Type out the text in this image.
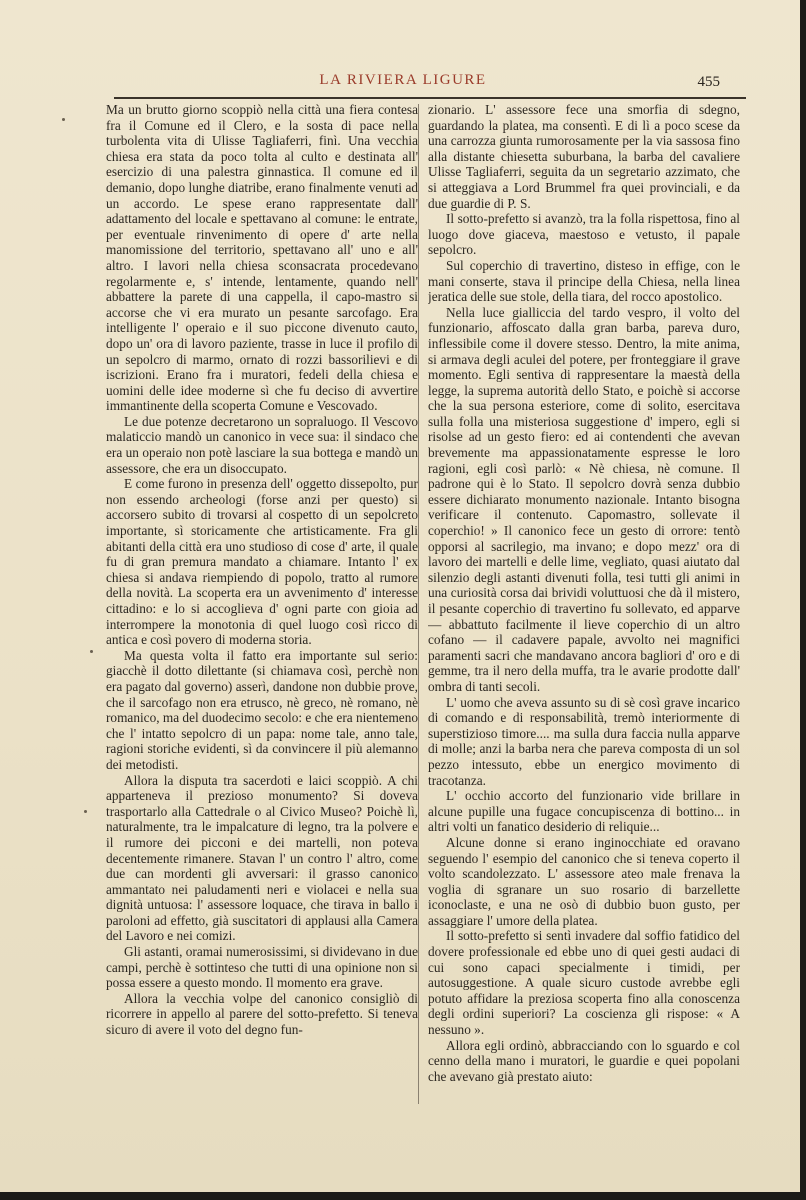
LA RIVIERA LIGURE	455

Ma un brutto giorno scoppiò nella città una fiera contesa fra il Comune ed il Clero, e la sosta di pace nella turbolenta vita di Ulisse Tagliaferri, finì. Una vecchia chiesa era stata da poco tolta al culto e destinata all' esercizio di una palestra ginnastica. Il comune ed il demanio, dopo lunghe diatribe, erano finalmente venuti ad un accordo. Le spese erano rappresentate dall' adattamento del locale e spettavano al comune: le entrate, per eventuale rinvenimento di opere d' arte nella manomissione del territorio, spettavano all' uno e all' altro. I lavori nella chiesa sconsacrata procedevano regolarmente e, s' intende, lentamente, quando nell' abbattere la parete di una cappella, il capo-mastro si accorse che vi era murato un pesante sarcofago. Era intelligente l' operaio e il suo piccone divenuto cauto, dopo un' ora di lavoro paziente, trasse in luce il profilo di un sepolcro di marmo, ornato di rozzi bassorilievi e di iscrizioni. Erano fra i muratori, fedeli della chiesa e uomini delle idee moderne sì che fu deciso di avvertire immantinente della scoperta Comune e Vescovado.

Le due potenze decretarono un sopraluogo. Il Vescovo malaticcio mandò un canonico in vece sua: il sindaco che era un operaio non potè lasciare la sua bottega e mandò un assessore, che era un disoccupato.

E come furono in presenza dell' oggetto dissepolto, pur non essendo archeologi (forse anzi per questo) si accorsero subito di trovarsi al cospetto di un sepolcreto importante, sì storicamente che artisticamente. Fra gli abitanti della città era uno studioso di cose d' arte, il quale fu di gran premura mandato a chiamare. Intanto l' ex chiesa si andava riempiendo di popolo, tratto al rumore della novità. La scoperta era un avvenimento d' interesse cittadino: e lo si accoglieva d' ogni parte con gioia ad interrompere la monotonia di quel luogo così ricco di antica e così povero di moderna storia.

Ma questa volta il fatto era importante sul serio: giacchè il dotto dilettante (si chiamava così, perchè non era pagato dal governo) asserì, dandone non dubbie prove, che il sarcofago non era etrusco, nè greco, nè romano, nè romanico, ma del duodecimo secolo: e che era nientemeno che l' intatto sepolcro di un papa: nome tale, anno tale, ragioni storiche evidenti, sì da convincere il più alemanno dei metodisti.

Allora la disputa tra sacerdoti e laici scoppiò. A chi apparteneva il prezioso monumento? Si doveva trasportarlo alla Cattedrale o al Civico Museo? Poichè lì, naturalmente, tra le impalcature di legno, tra la polvere e il rumore dei picconi e dei martelli, non poteva decentemente rimanere. Stavan l' un contro l' altro, come due can mordenti gli avversari: il grasso canonico ammantato nei paludamenti neri e violacei e nella sua dignità untuosa: l' assessore loquace, che tirava in ballo i paroloni ad effetto, già suscitatori di applausi alla Camera del Lavoro e nei comizi.

Gli astanti, oramai numerosissimi, si dividevano in due campi, perchè è sottinteso che tutti di una opinione non si possa essere a questo mondo. Il momento era grave.

Allora la vecchia volpe del canonico consigliò di ricorrere in appello al parere del sotto-prefetto. Si teneva sicuro di avere il voto del degno fun-

zionario. L' assessore fece una smorfia di sdegno, guardando la platea, ma consentì. E di lì a poco scese da una carrozza giunta rumorosamente per la via sassosa fino alla distante chiesetta suburbana, la barba del cavaliere Ulisse Tagliaferri, seguita da un segretario azzimato, che si atteggiava a Lord Brummel fra quei provinciali, e da due guardie di P. S.

Il sotto-prefetto si avanzò, tra la folla rispettosa, fino al luogo dove giaceva, maestoso e vetusto, il papale sepolcro.

Sul coperchio di travertino, disteso in effige, con le mani conserte, stava il principe della Chiesa, nella linea jeratica delle sue stole, della tiara, del rocco apostolico.

Nella luce gialliccia del tardo vespro, il volto del funzionario, affoscato dalla gran barba, pareva duro, inflessibile come il dovere stesso. Dentro, la mite anima, si armava degli aculei del potere, per fronteggiare il grave momento. Egli sentiva di rappresentare la maestà della legge, la suprema autorità dello Stato, e poichè si accorse che la sua persona esteriore, come di solito, esercitava sulla folla una misteriosa suggestione d' impero, egli si risolse ad un gesto fiero: ed ai contendenti che avevan brevemente ma appassionatamente espresse le loro ragioni, egli così parlò: « Nè chiesa, nè comune. Il padrone qui è lo Stato. Il sepolcro dovrà senza dubbio essere dichiarato monumento nazionale. Intanto bisogna verificare il contenuto. Capomastro, sollevate il coperchio! » Il canonico fece un gesto di orrore: tentò opporsi al sacrilegio, ma invano; e dopo mezz' ora di lavoro dei martelli e delle lime, vegliato, quasi aiutato dal silenzio degli astanti divenuti folla, tesi tutti gli animi in una curiosità corsa dai brividi voluttuosi che dà il mistero, il pesante coperchio di travertino fu sollevato, ed apparve — abbattuto facilmente il lieve coperchio di un altro cofano — il cadavere papale, avvolto nei magnifici paramenti sacri che mandavano ancora bagliori d' oro e di gemme, tra il nero della muffa, tra le avarie prodotte dall' ombra di tanti secoli.

L' uomo che aveva assunto su di sè così grave incarico di comando e di responsabilità, tremò interiormente di superstizioso timore.... ma sulla dura faccia nulla apparve di molle; anzi la barba nera che pareva composta di un sol pezzo intessuto, ebbe un energico movimento di tracotanza.

L' occhio accorto del funzionario vide brillare in alcune pupille una fugace concupiscenza di bottino... in altri volti un fanatico desiderio di reliquie...

Alcune donne si erano inginocchiate ed oravano seguendo l' esempio del canonico che si teneva coperto il volto scandolezzato. L' assessore ateo male frenava la voglia di sgranare un suo rosario di barzellette iconoclaste, e una ne osò di dubbio buon gusto, per assaggiare l' umore della platea.

Il sotto-prefetto si sentì invadere dal soffio fatidico del dovere professionale ed ebbe uno di quei gesti audaci di cui sono capaci specialmente i timidi, per autosuggestione. A quale sicuro custode avrebbe egli potuto affidare la preziosa scoperta fino alla conoscenza degli ordini superiori? La coscienza gli rispose: « A nessuno ».

Allora egli ordinò, abbracciando con lo sguardo e col cenno della mano i muratori, le guardie e quei popolani che avevano già prestato aiuto:
